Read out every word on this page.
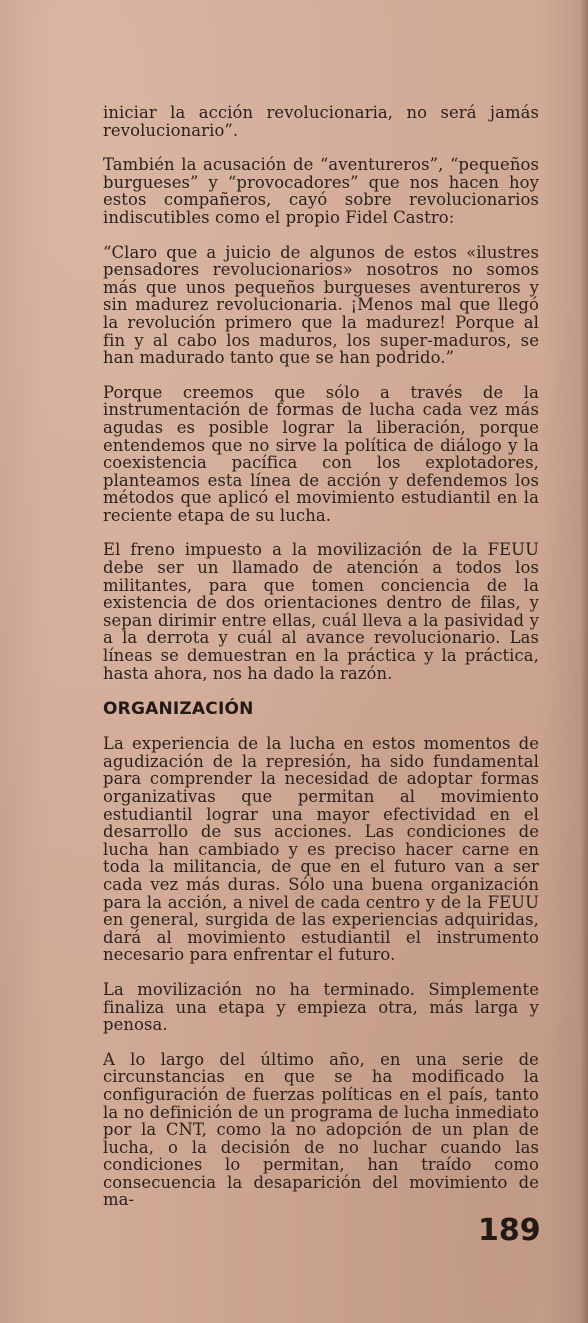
iniciar la acción revolucionaria, no será jamás revolucionario”.

También la acusación de “aventureros”, “pequeños burgueses” y “provocadores” que nos hacen hoy estos compañeros, cayó sobre revolucionarios indiscutibles como el propio Fidel Castro:

“Claro que a juicio de algunos de estos «ilustres pensadores revolucionarios» nosotros no somos más que unos pequeños burgueses aventureros y sin madurez revolucionaria. ¡Menos mal que llegó la revolución primero que la madurez! Porque al fin y al cabo los maduros, los super-maduros, se han madurado tanto que se han podrido.”

Porque creemos que sólo a través de la instrumentación de formas de lucha cada vez más agudas es posible lograr la liberación, porque entendemos que no sirve la política de diálogo y la coexistencia pacífica con los explotadores, planteamos esta línea de acción y defendemos los métodos que aplicó el movimiento estudiantil en la reciente etapa de su lucha.

El freno impuesto a la movilización de la FEUU debe ser un llamado de atención a todos los militantes, para que tomen conciencia de la existencia de dos orientaciones dentro de filas, y sepan dirimir entre ellas, cuál lleva a la pasividad y a la derrota y cuál al avance revolucionario. Las líneas se demuestran en la práctica y la práctica, hasta ahora, nos ha dado la razón.

ORGANIZACIÓN

La experiencia de la lucha en estos momentos de agudización de la represión, ha sido fundamental para comprender la necesidad de adoptar formas organizativas que permitan al movimiento estudiantil lograr una mayor efectividad en el desarrollo de sus acciones. Las condiciones de lucha han cambiado y es preciso hacer carne en toda la militancia, de que en el futuro van a ser cada vez más duras. Sólo una buena organización para la acción, a nivel de cada centro y de la FEUU en general, surgida de las experiencias adquiridas, dará al movimiento estudiantil el instrumento necesario para enfrentar el futuro.

La movilización no ha terminado. Simplemente finaliza una etapa y empieza otra, más larga y penosa.

A lo largo del último año, en una serie de circunstancias en que se ha modificado la configuración de fuerzas políticas en el país, tanto la no definición de un programa de lucha inmediato por la CNT, como la no adopción de un plan de lucha, o la decisión de no luchar cuando las condiciones lo permitan, han traído como consecuencia la desaparición del movimiento de ma-

189
